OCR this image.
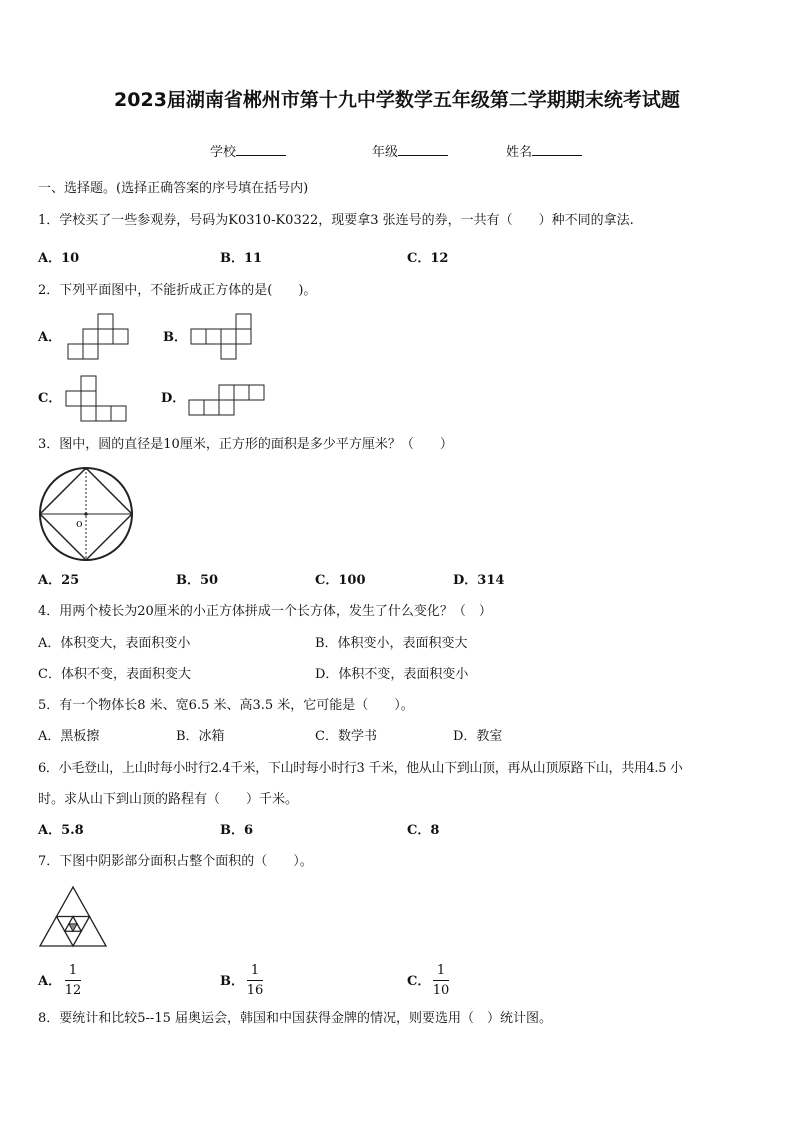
2023届湖南省郴州市第十九中学数学五年级第二学期期末统考试题
学校	年级	姓名
一、选择题。(选择正确答案的序号填在括号内)
1．学校买了一些参观券，号码为K0310-K0322，现要拿3 张连号的券，一共有（　　）种不同的拿法.
A．10	B．11	C．12
2．下列平面图中，不能折成正方体的是(　　)。
A．	B．
C．	D．
3．图中，圆的直径是10厘米，正方形的面积是多少平方厘米？（　　）
o
A．25	B．50	C．100	D．314
4．用两个棱长为20厘米的小正方体拼成一个长方体，发生了什么变化？（　）
A．体积变大，表面积变小	B．体积变小，表面积变大
C．体积不变，表面积变大	D．体积不变，表面积变小
5．有一个物体长8 米、宽6.5 米、高3.5 米，它可能是（　　）。
A．黑板擦	B．冰箱	C．数学书	D．教室
6．小毛登山，上山时每小时行2.4千米，下山时每小时行3 千米，他从山下到山顶，再从山顶原路下山，共用4.5 小
时。求从山下到山顶的路程有（　　）千米。
A．5.8	B．6	C．8
7．下图中阴影部分面积占整个面积的（　　）。
A．
1
12
B．
1
16
C．
1
10
8．要统计和比较5--15 届奥运会，韩国和中国获得金牌的情况，则要选用（　）统计图。
